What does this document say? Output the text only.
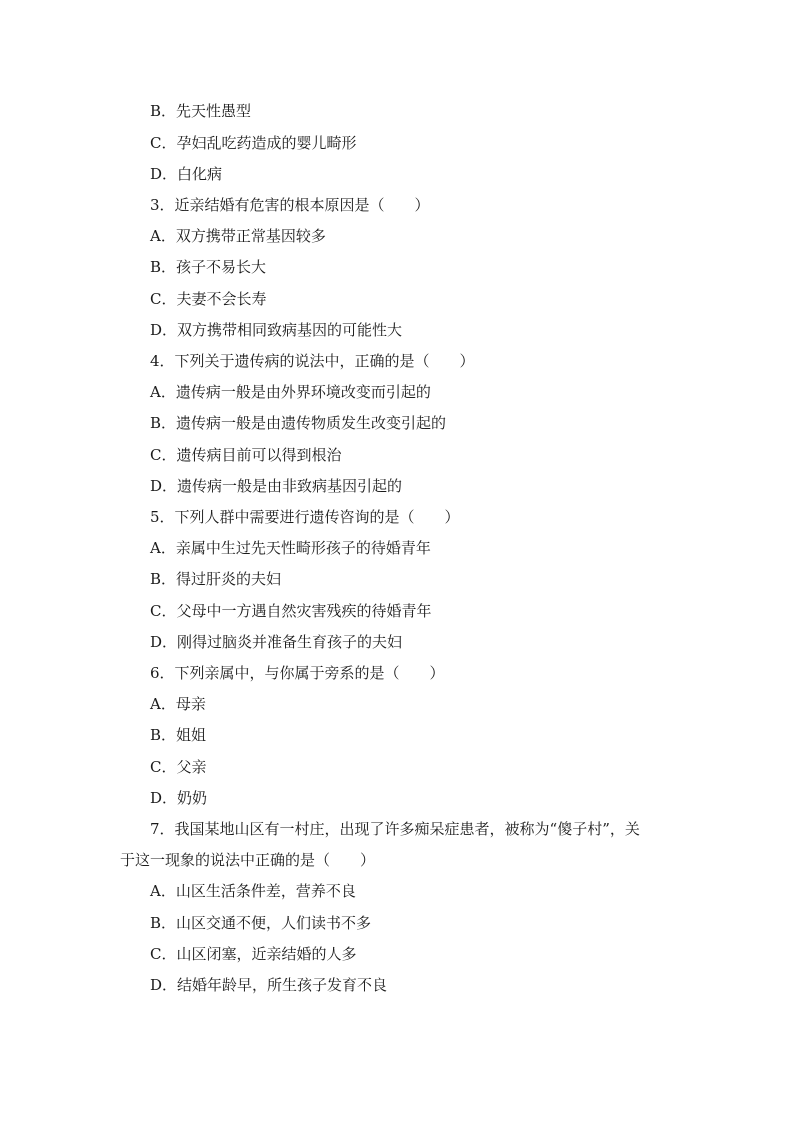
B．先天性愚型
C．孕妇乱吃药造成的婴儿畸形
D．白化病
3．近亲结婚有危害的根本原因是（　　）
A．双方携带正常基因较多
B．孩子不易长大
C．夫妻不会长寿
D．双方携带相同致病基因的可能性大
4．下列关于遗传病的说法中，正确的是（　　）
A．遗传病一般是由外界环境改变而引起的
B．遗传病一般是由遗传物质发生改变引起的
C．遗传病目前可以得到根治
D．遗传病一般是由非致病基因引起的
5．下列人群中需要进行遗传咨询的是（　　）
A．亲属中生过先天性畸形孩子的待婚青年
B．得过肝炎的夫妇
C．父母中一方遇自然灾害残疾的待婚青年
D．刚得过脑炎并准备生育孩子的夫妇
6．下列亲属中，与你属于旁系的是（　　）
A．母亲
B．姐姐
C．父亲
D．奶奶
7．我国某地山区有一村庄，出现了许多痴呆症患者，被称为“傻子村”，关
于这一现象的说法中正确的是（　　）
A．山区生活条件差，营养不良
B．山区交通不便，人们读书不多
C．山区闭塞，近亲结婚的人多
D．结婚年龄早，所生孩子发育不良
